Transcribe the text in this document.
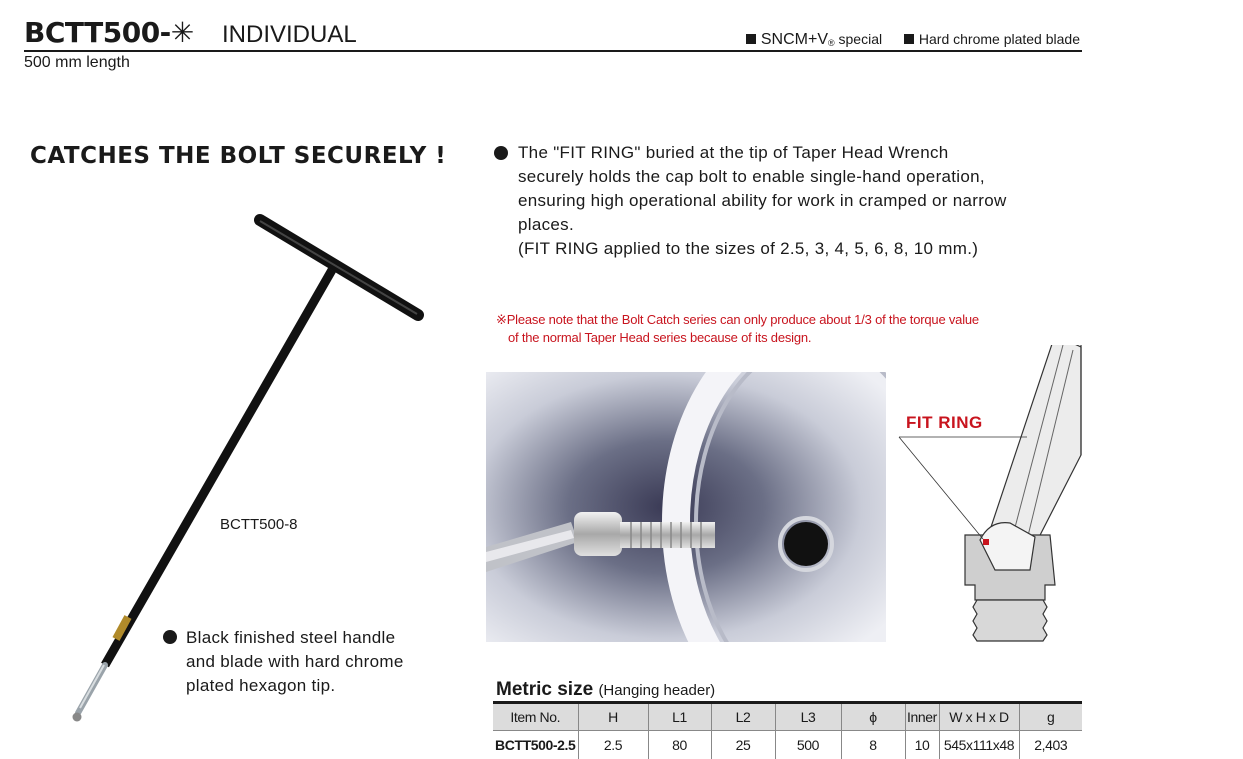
BCTT500-✳ INDIVIDUAL	$SNCM+V_®$ special	Hard chrome plated blade
500 mm length
CATCHES THE BOLT SECURELY !	The "FIT RING" buried at the tip of Taper Head Wrench

securely holds the cap bolt to enable single-hand operation,

ensuring high operational ability for work in cramped or narrow

places.

(FIT RING applied to the sizes of 2.5, 3, 4, 5, 6, 8, 10 mm.)

※Please note that the Bolt Catch series can only produce about 1/3 of the torque value
of the normal Taper Head series because of its design.
BCTT500-8

Black finished steel handle

and blade with hard chrome

plated hexagon tip.

FIT RING
Metric size (Hanging header)
Item No.	H	L1	L2	L3	ϕ	Inner	W x H x D	g
BCTT500-2.5	2.5	80	25	500	8	10	545x111x48	2,403
